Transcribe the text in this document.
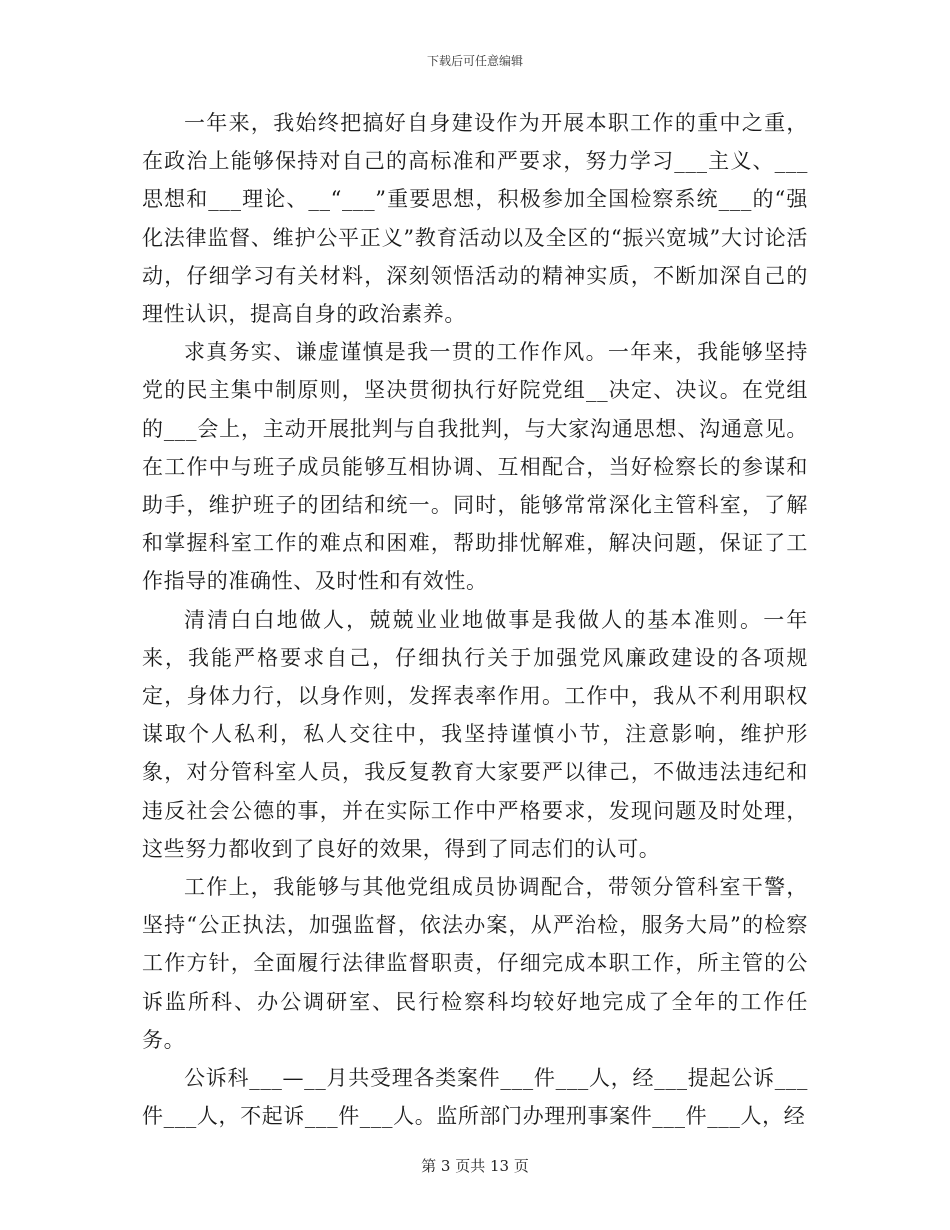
下载后可任意编辑

一年来，我始终把搞好自身建设作为开展本职工作的重中之重，在政治上能够保持对自己的高标准和严要求，努力学习___主义、___思想和___理论、__“___”重要思想，积极参加全国检察系统___的“强化法律监督、维护公平正义”教育活动以及全区的“振兴宽城”大讨论活动，仔细学习有关材料，深刻领悟活动的精神实质，不断加深自己的理性认识，提高自身的政治素养。

求真务实、谦虚谨慎是我一贯的工作作风。一年来，我能够坚持党的民主集中制原则，坚决贯彻执行好院党组__决定、决议。在党组的___会上，主动开展批判与自我批判，与大家沟通思想、沟通意见。在工作中与班子成员能够互相协调、互相配合，当好检察长的参谋和助手，维护班子的团结和统一。同时，能够常常深化主管科室，了解和掌握科室工作的难点和困难，帮助排忧解难，解决问题，保证了工作指导的准确性、及时性和有效性。

清清白白地做人，兢兢业业地做事是我做人的基本准则。一年来，我能严格要求自己，仔细执行关于加强党风廉政建设的各项规定，身体力行，以身作则，发挥表率作用。工作中，我从不利用职权谋取个人私利，私人交往中，我坚持谨慎小节，注意影响，维护形象，对分管科室人员，我反复教育大家要严以律己，不做违法违纪和违反社会公德的事，并在实际工作中严格要求，发现问题及时处理，这些努力都收到了良好的效果，得到了同志们的认可。

工作上，我能够与其他党组成员协调配合，带领分管科室干警，坚持“公正执法，加强监督，依法办案，从严治检，服务大局”的检察工作方针，全面履行法律监督职责，仔细完成本职工作，所主管的公诉监所科、办公调研室、民行检察科均较好地完成了全年的工作任务。

公诉科___—__月共受理各类案件___件___人，经___提起公诉___件___人，不起诉___件___人。监所部门办理刑事案件___件___人，经

第 3 页共 13 页
